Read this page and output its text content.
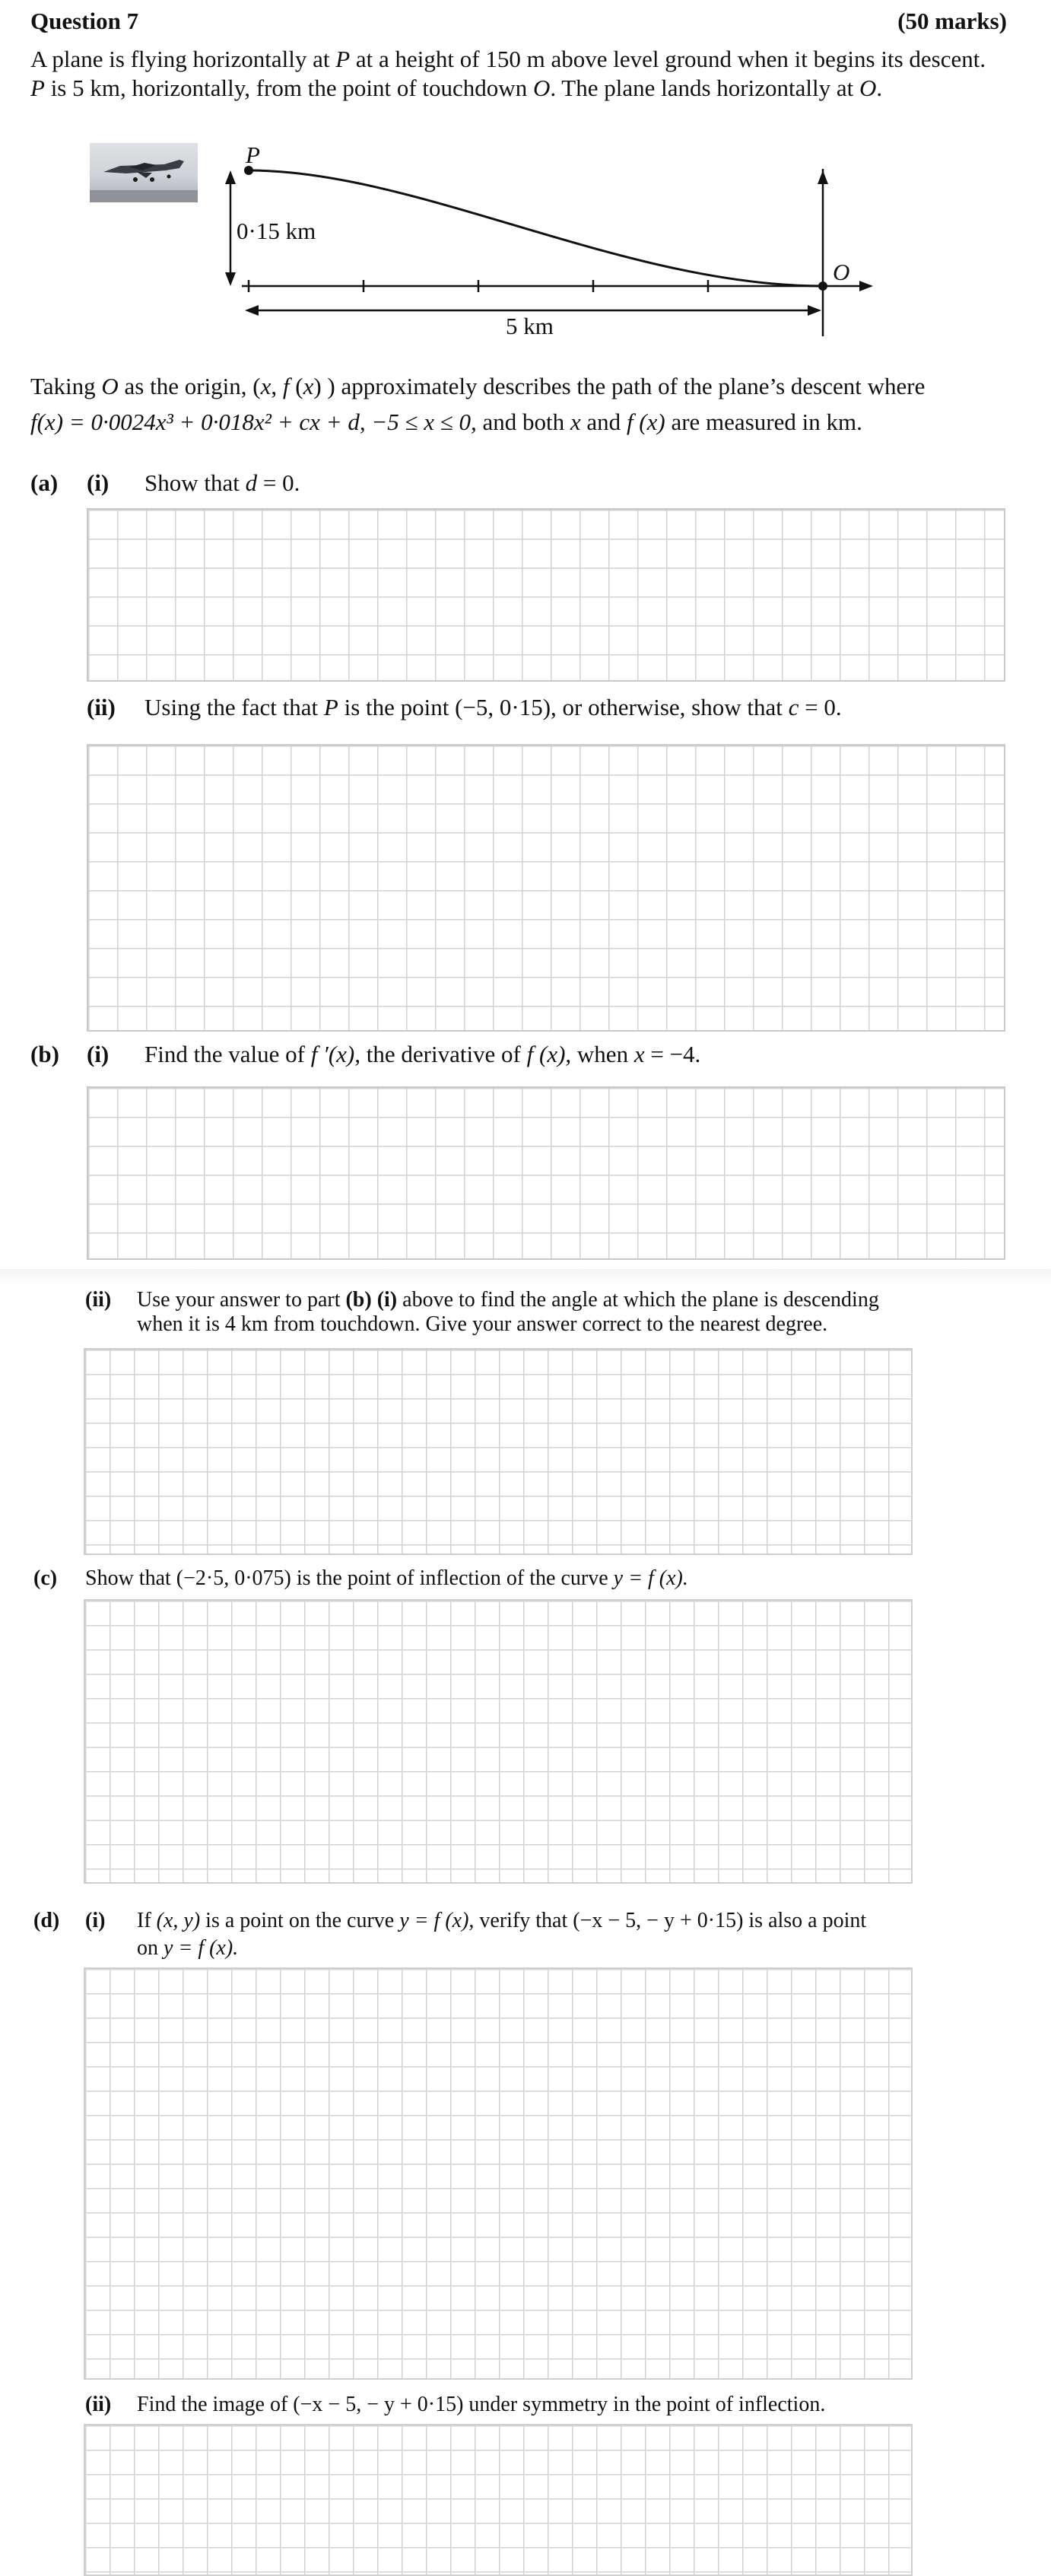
Question 7	(50 marks)
A plane is flying horizontally at P at a height of 150 m above level ground when it begins its descent.
P is 5 km, horizontally, from the point of touchdown O. The plane lands horizontally at O.
P
O
0·15 km
5 km
Taking O as the origin, (x, f (x) ) approximately describes the path of the plane’s descent where
f(x) = 0·0024x³ + 0·018x² + cx + d, −5 ≤ x ≤ 0, and both x and f (x) are measured in km.
(a) (i) Show that d = 0.
(ii) Using the fact that P is the point (−5, 0·15), or otherwise, show that c = 0.
(b) (i) Find the value of f ′(x), the derivative of f (x), when x = −4.
(ii) Use your answer to part (b) (i) above to find the angle at which the plane is descending
when it is 4 km from touchdown. Give your answer correct to the nearest degree.
(c) Show that (−2·5, 0·075) is the point of inflection of the curve y = f (x).
(d) (i) If (x, y) is a point on the curve y = f (x), verify that (−x − 5, − y + 0·15) is also a point
on y = f (x).
(ii) Find the image of (−x − 5, − y + 0·15) under symmetry in the point of inflection.
